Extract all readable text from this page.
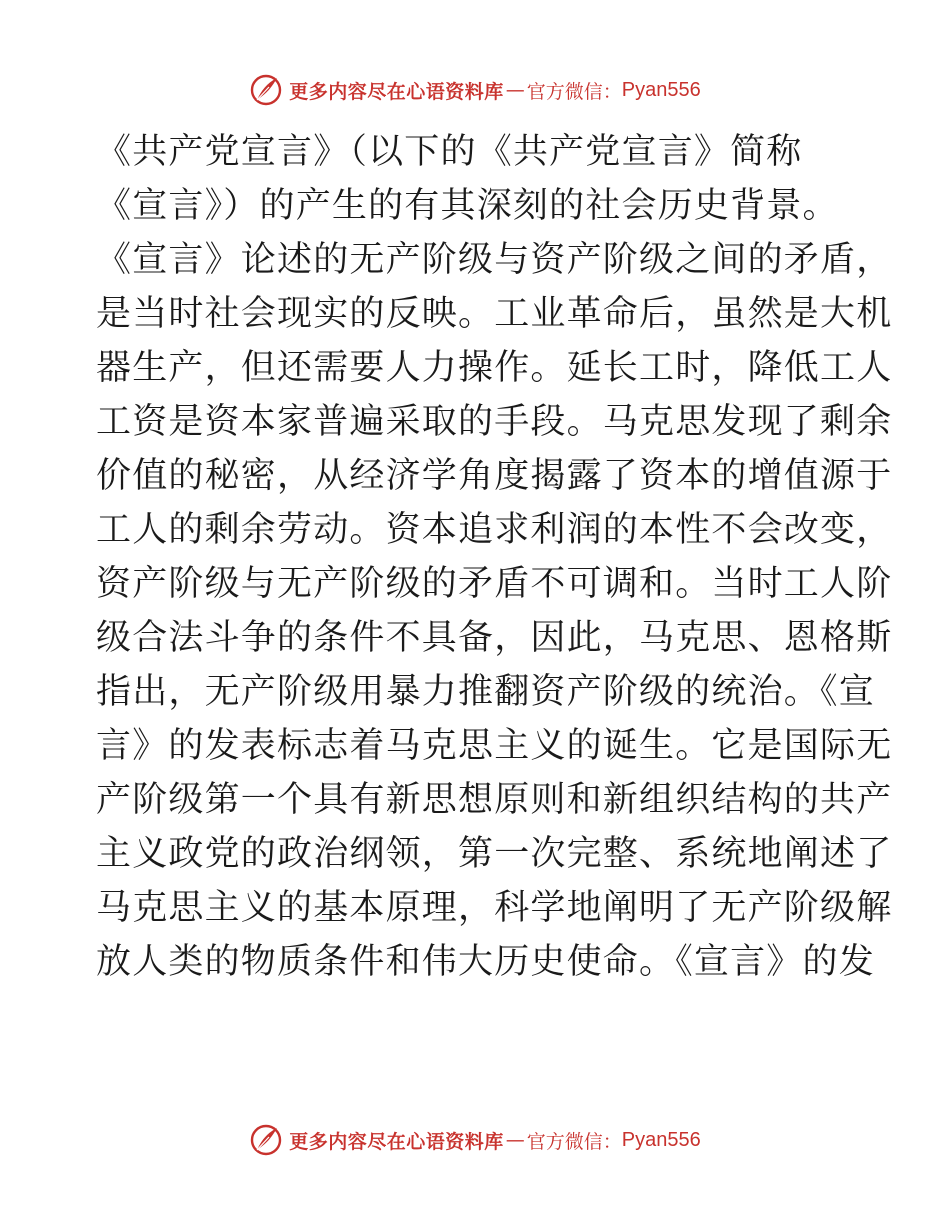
更多内容尽在心语资料库 — 官方微信： Pyan556
《共产党宣言》（以下的《共产党宣言》简称
《宣言》）的产生的有其深刻的社会历史背景。
《宣言》论述的无产阶级与资产阶级之间的矛盾，
是当时社会现实的反映。工业革命后，虽然是大机
器生产，但还需要人力操作。延长工时，降低工人
工资是资本家普遍采取的手段。马克思发现了剩余
价值的秘密，从经济学角度揭露了资本的增值源于
工人的剩余劳动。资本追求利润的本性不会改变，
资产阶级与无产阶级的矛盾不可调和。当时工人阶
级合法斗争的条件不具备，因此，马克思、恩格斯
指出，无产阶级用暴力推翻资产阶级的统治。《宣
言》的发表标志着马克思主义的诞生。它是国际无
产阶级第一个具有新思想原则和新组织结构的共产
主义政党的政治纲领，第一次完整、系统地阐述了
马克思主义的基本原理，科学地阐明了无产阶级解
放人类的物质条件和伟大历史使命。《宣言》的发
更多内容尽在心语资料库 — 官方微信： Pyan556
